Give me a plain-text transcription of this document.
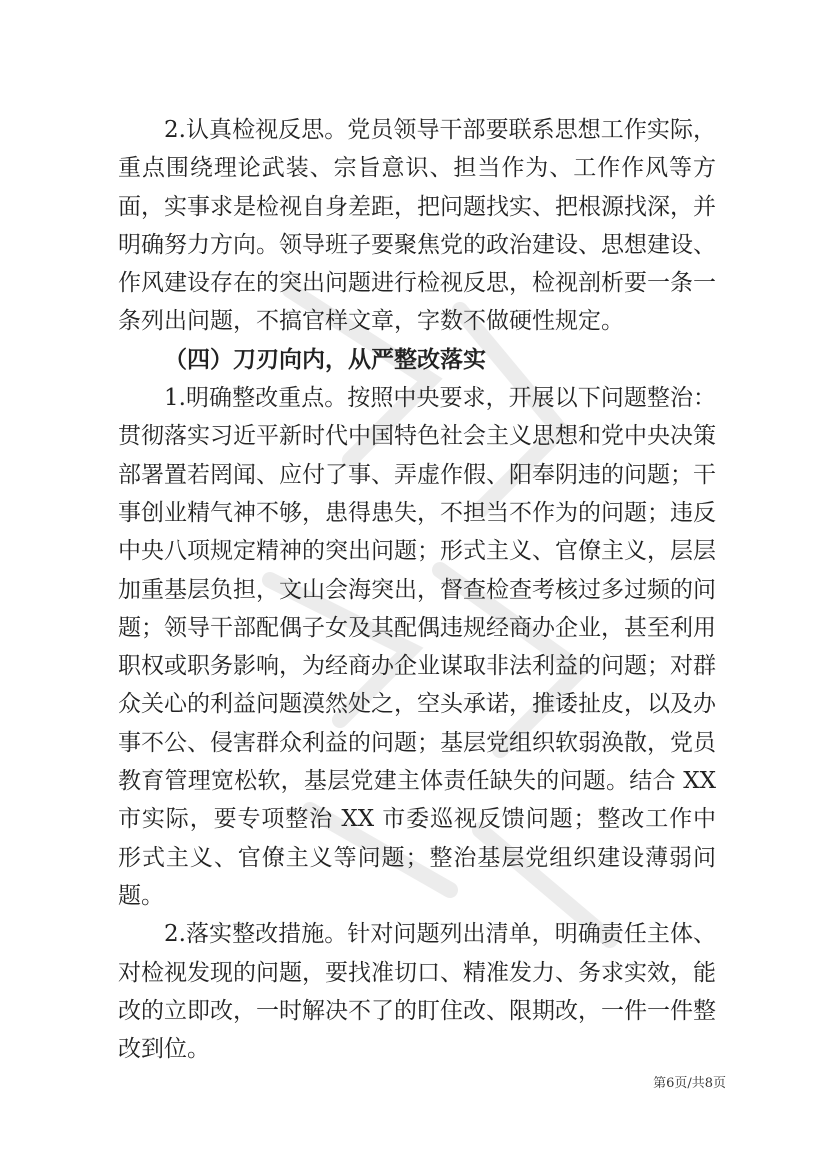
2.认真检视反思。党员领导干部要联系思想工作实际，重点围绕理论武装、宗旨意识、担当作为、工作作风等方面，实事求是检视自身差距，把问题找实、把根源找深，并明确努力方向。领导班子要聚焦党的政治建设、思想建设、作风建设存在的突出问题进行检视反思，检视剖析要一条一条列出问题，不搞官样文章，字数不做硬性规定。

（四）刀刃向内，从严整改落实

1.明确整改重点。按照中央要求，开展以下问题整治：贯彻落实习近平新时代中国特色社会主义思想和党中央决策部署置若罔闻、应付了事、弄虚作假、阳奉阴违的问题；干事创业精气神不够，患得患失，不担当不作为的问题；违反中央八项规定精神的突出问题；形式主义、官僚主义，层层加重基层负担，文山会海突出，督查检查考核过多过频的问题；领导干部配偶子女及其配偶违规经商办企业，甚至利用职权或职务影响，为经商办企业谋取非法利益的问题；对群众关心的利益问题漠然处之，空头承诺，推诿扯皮，以及办事不公、侵害群众利益的问题；基层党组织软弱涣散，党员教育管理宽松软，基层党建主体责任缺失的问题。结合 XX 市实际，要专项整治 XX 市委巡视反馈问题；整改工作中形式主义、官僚主义等问题；整治基层党组织建设薄弱问题。

2.落实整改措施。针对问题列出清单，明确责任主体、对检视发现的问题，要找准切口、精准发力、务求实效，能改的立即改，一时解决不了的盯住改、限期改，一件一件整改到位。

第6页/共8页
